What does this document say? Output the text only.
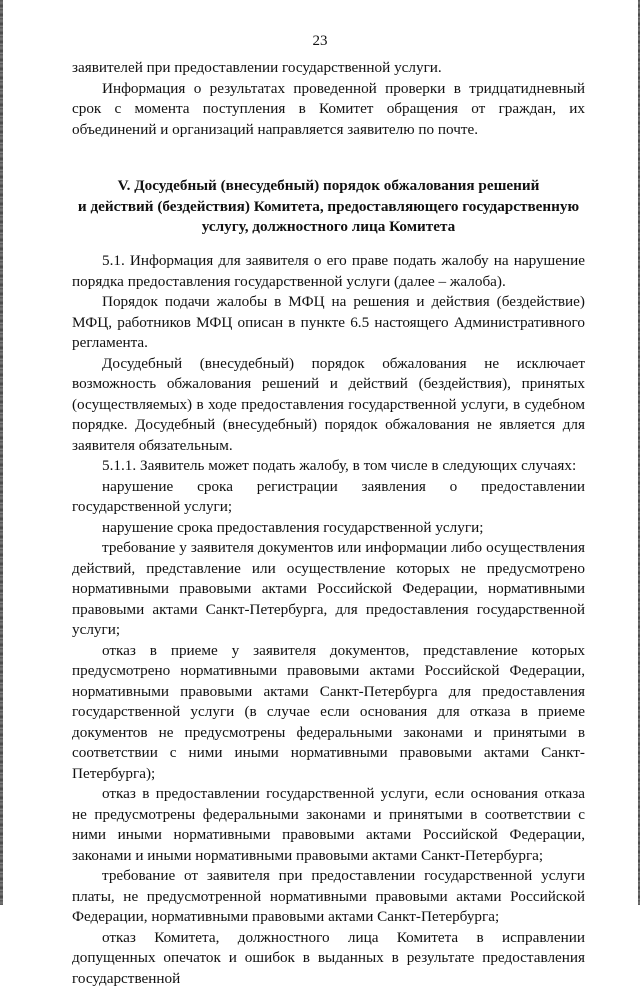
23

заявителей при предоставлении государственной услуги.

Информация о результатах проведенной проверки в тридцатидневный срок с момента поступления в Комитет обращения от граждан, их объединений и организаций направляется заявителю по почте.

V. Досудебный (внесудебный) порядок обжалования решений
и действий (бездействия) Комитета, предоставляющего государственную
услугу, должностного лица Комитета

5.1. Информация для заявителя о его праве подать жалобу на нарушение порядка предоставления государственной услуги (далее – жалоба).

Порядок подачи жалобы в МФЦ на решения и действия (бездействие) МФЦ, работников МФЦ описан в пункте 6.5 настоящего Административного регламента.

Досудебный (внесудебный) порядок обжалования не исключает возможность обжалования решений и действий (бездействия), принятых (осуществляемых) в ходе предоставления государственной услуги, в судебном порядке. Досудебный (внесудебный) порядок обжалования не является для заявителя обязательным.

5.1.1. Заявитель может подать жалобу, в том числе в следующих случаях:

нарушение срока регистрации заявления о предоставлении государственной услуги;

нарушение срока предоставления государственной услуги;

требование у заявителя документов или информации либо осуществления действий, представление или осуществление которых не предусмотрено нормативными правовыми актами Российской Федерации, нормативными правовыми актами Санкт-Петербурга, для предоставления государственной услуги;

отказ в приеме у заявителя документов, представление которых предусмотрено нормативными правовыми актами Российской Федерации, нормативными правовыми актами Санкт-Петербурга для предоставления государственной услуги (в случае если основания для отказа в приеме документов не предусмотрены федеральными законами и принятыми в соответствии с ними иными нормативными правовыми актами Санкт-Петербурга);

отказ в предоставлении государственной услуги, если основания отказа не предусмотрены федеральными законами и принятыми в соответствии с ними иными нормативными правовыми актами Российской Федерации, законами и иными нормативными правовыми актами Санкт-Петербурга;

требование от заявителя при предоставлении государственной услуги платы, не предусмотренной нормативными правовыми актами Российской Федерации, нормативными правовыми актами Санкт-Петербурга;

отказ Комитета, должностного лица Комитета в исправлении допущенных опечаток и ошибок в выданных в результате предоставления государственной
